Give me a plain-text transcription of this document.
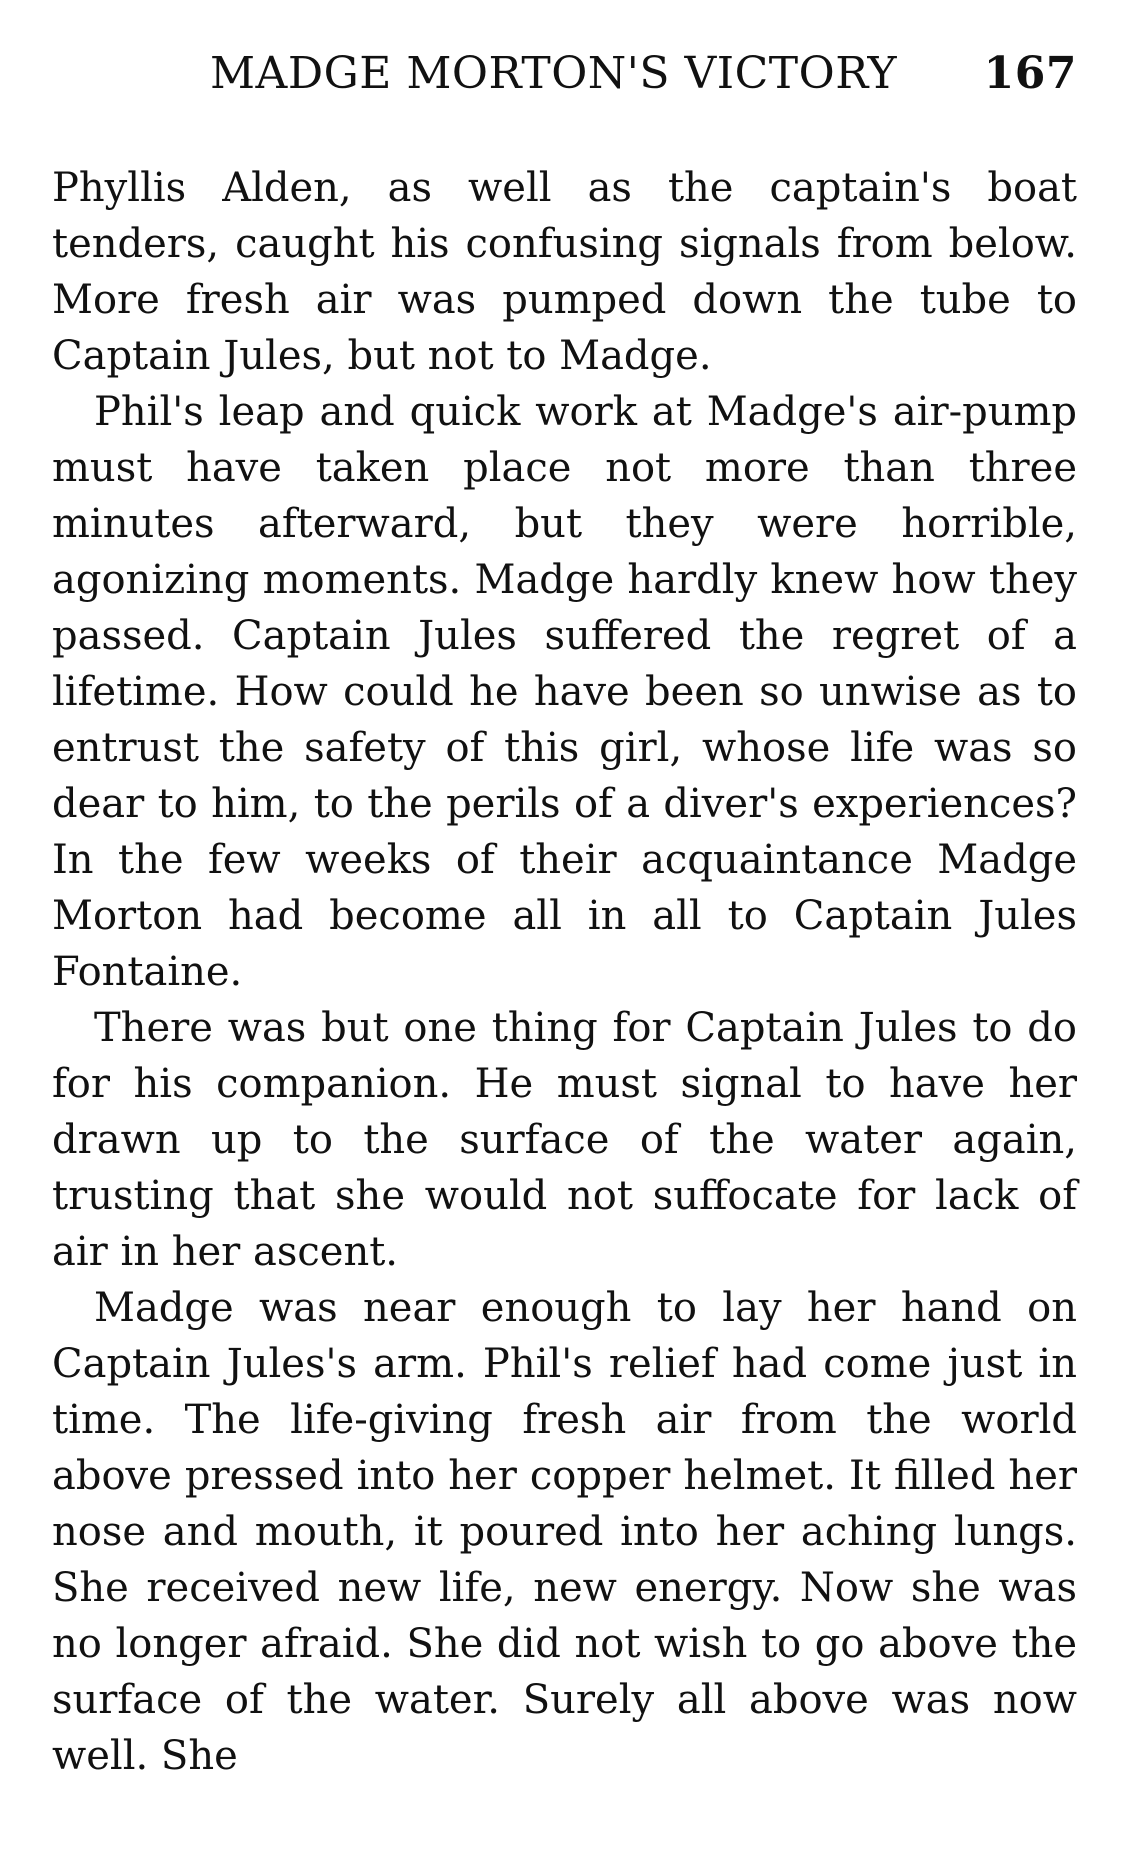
MADGE MORTON'S VICTORY 167

Phyllis Alden, as well as the captain's boat tenders, caught his confusing signals from below. More fresh air was pumped down the tube to Captain Jules, but not to Madge.

Phil's leap and quick work at Madge's air-pump must have taken place not more than three minutes afterward, but they were horrible, agonizing moments. Madge hardly knew how they passed. Captain Jules suffered the regret of a lifetime. How could he have been so unwise as to entrust the safety of this girl, whose life was so dear to him, to the perils of a diver's experiences? In the few weeks of their acquaintance Madge Morton had become all in all to Captain Jules Fontaine.

There was but one thing for Captain Jules to do for his companion. He must signal to have her drawn up to the surface of the water again, trusting that she would not suffocate for lack of air in her ascent.

Madge was near enough to lay her hand on Captain Jules's arm. Phil's relief had come just in time. The life-giving fresh air from the world above pressed into her copper helmet. It filled her nose and mouth, it poured into her aching lungs. She received new life, new energy. Now she was no longer afraid. She did not wish to go above the surface of the water. Surely all above was now well. She
